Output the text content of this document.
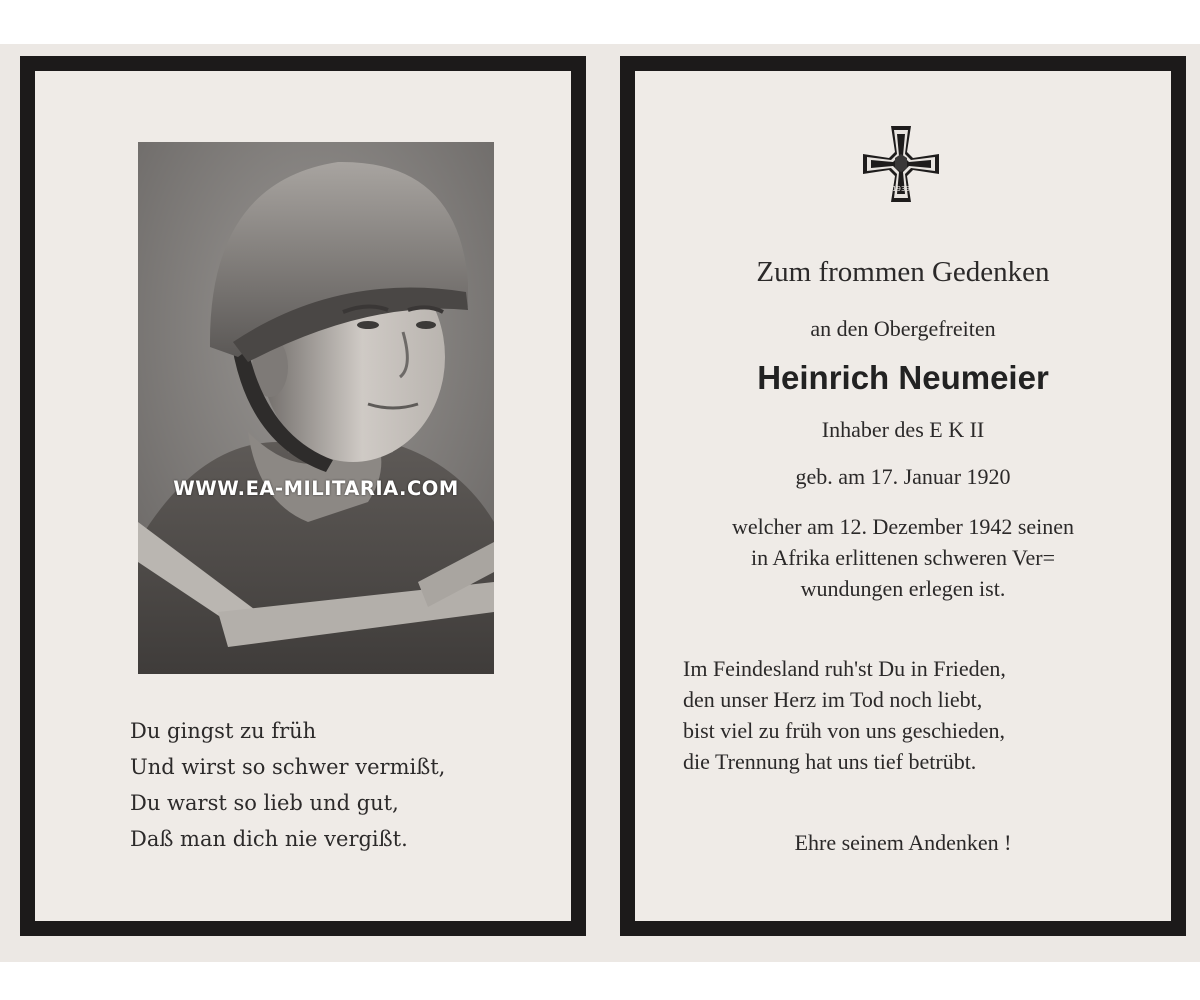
WWW.EA-MILITARIA.COM
Du gingst zu früh
Und wirst so schwer vermißt,
Du warst so lieb und gut,
Daß man dich nie vergißt.
1939
Zum frommen Gedenken
an den Obergefreiten
Heinrich Neumeier
Inhaber des E K II
geb. am 17. Januar 1920
welcher am 12. Dezember 1942 seinen
in Afrika erlittenen schweren Ver=
wundungen erlegen ist.
Im Feindesland ruh'st Du in Frieden,
den unser Herz im Tod noch liebt,
bist viel zu früh von uns geschieden,
die Trennung hat uns tief betrübt.
Ehre seinem Andenken !
